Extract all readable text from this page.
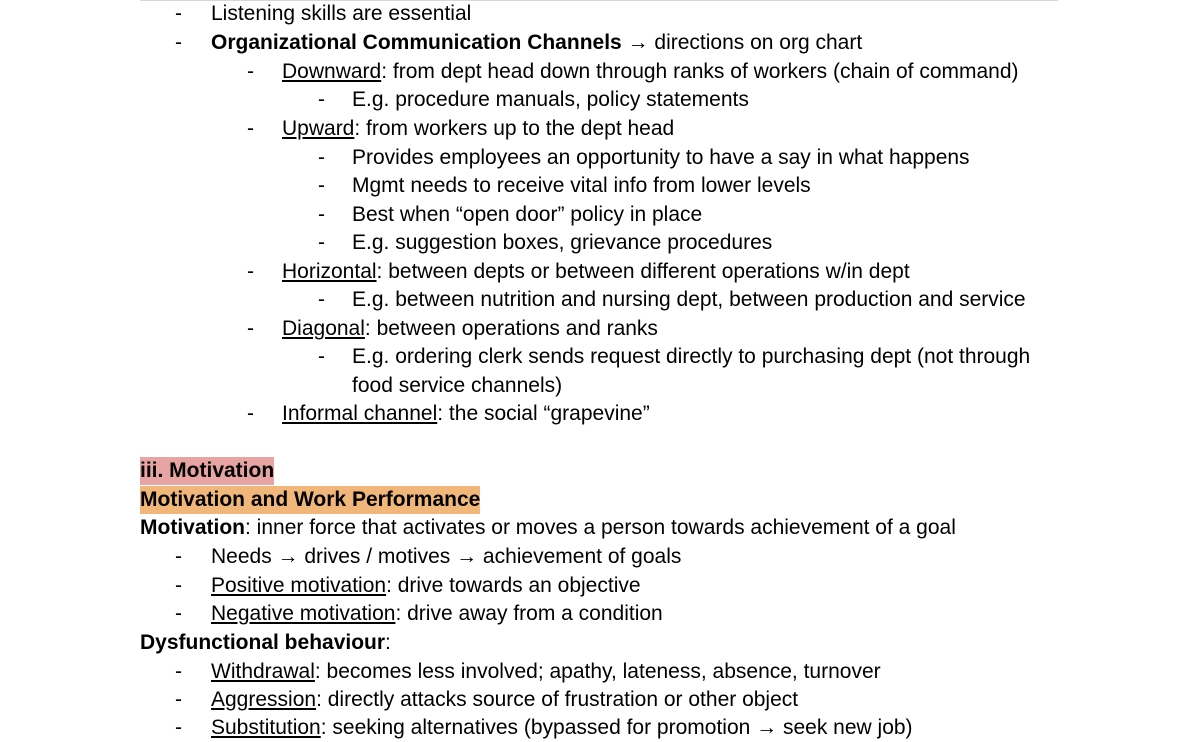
- Listening skills are essential
- Organizational Communication Channels → directions on org chart
- Downward: from dept head down through ranks of workers (chain of command)
- E.g. procedure manuals, policy statements
- Upward: from workers up to the dept head
- Provides employees an opportunity to have a say in what happens
- Mgmt needs to receive vital info from lower levels
- Best when “open door” policy in place
- E.g. suggestion boxes, grievance procedures
- Horizontal: between depts or between different operations w/in dept
- E.g. between nutrition and nursing dept, between production and service
- Diagonal: between operations and ranks
- E.g. ordering clerk sends request directly to purchasing dept (not through
food service channels)
- Informal channel: the social “grapevine”
iii. Motivation
Motivation and Work Performance
Motivation: inner force that activates or moves a person towards achievement of a goal
- Needs → drives / motives → achievement of goals
- Positive motivation: drive towards an objective
- Negative motivation: drive away from a condition
Dysfunctional behaviour:
- Withdrawal: becomes less involved; apathy, lateness, absence, turnover
- Aggression: directly attacks source of frustration or other object
- Substitution: seeking alternatives (bypassed for promotion → seek new job)
